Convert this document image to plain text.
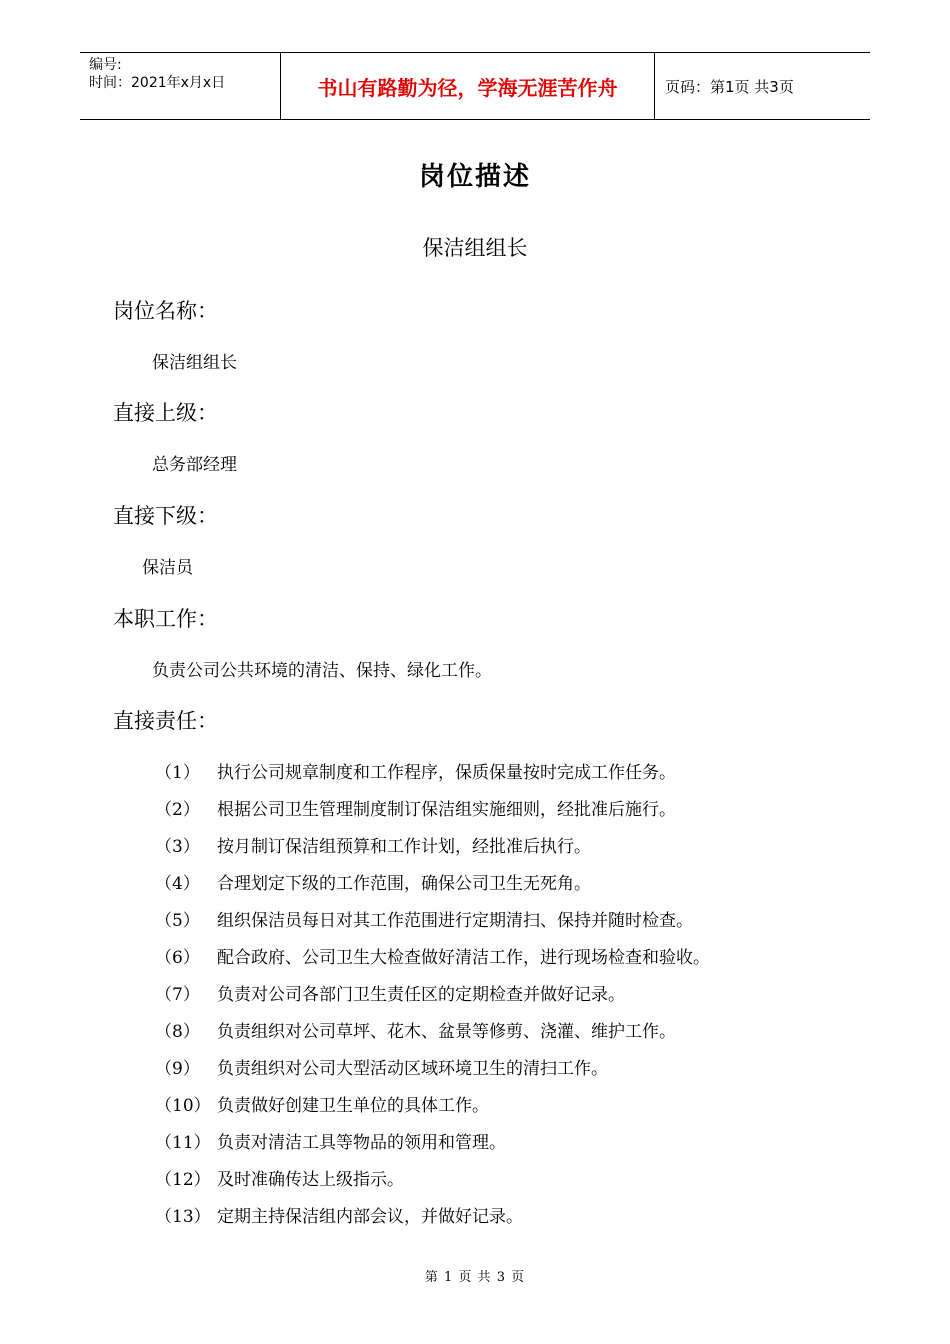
编号:
时间：2021年x月x日	书山有路勤为径，学海无涯苦作舟	页码：第1页 共3页
岗位描述
保洁组组长
岗位名称：
保洁组组长
直接上级：
总务部经理
直接下级：
保洁员
本职工作：
负责公司公共环境的清洁、保持、绿化工作。
直接责任：
（1）	执行公司规章制度和工作程序，保质保量按时完成工作任务。
（2）	根据公司卫生管理制度制订保洁组实施细则，经批准后施行。
（3）	按月制订保洁组预算和工作计划，经批准后执行。
（4）	合理划定下级的工作范围，确保公司卫生无死角。
（5）	组织保洁员每日对其工作范围进行定期清扫、保持并随时检查。
（6）	配合政府、公司卫生大检查做好清洁工作，进行现场检查和验收。
（7）	负责对公司各部门卫生责任区的定期检查并做好记录。
（8）	负责组织对公司草坪、花木、盆景等修剪、浇灌、维护工作。
（9）	负责组织对公司大型活动区域环境卫生的清扫工作。
（10） 负责做好创建卫生单位的具体工作。
（11） 负责对清洁工具等物品的领用和管理。
（12） 及时准确传达上级指示。
（13） 定期主持保洁组内部会议，并做好记录。
第 1 页 共 3 页
